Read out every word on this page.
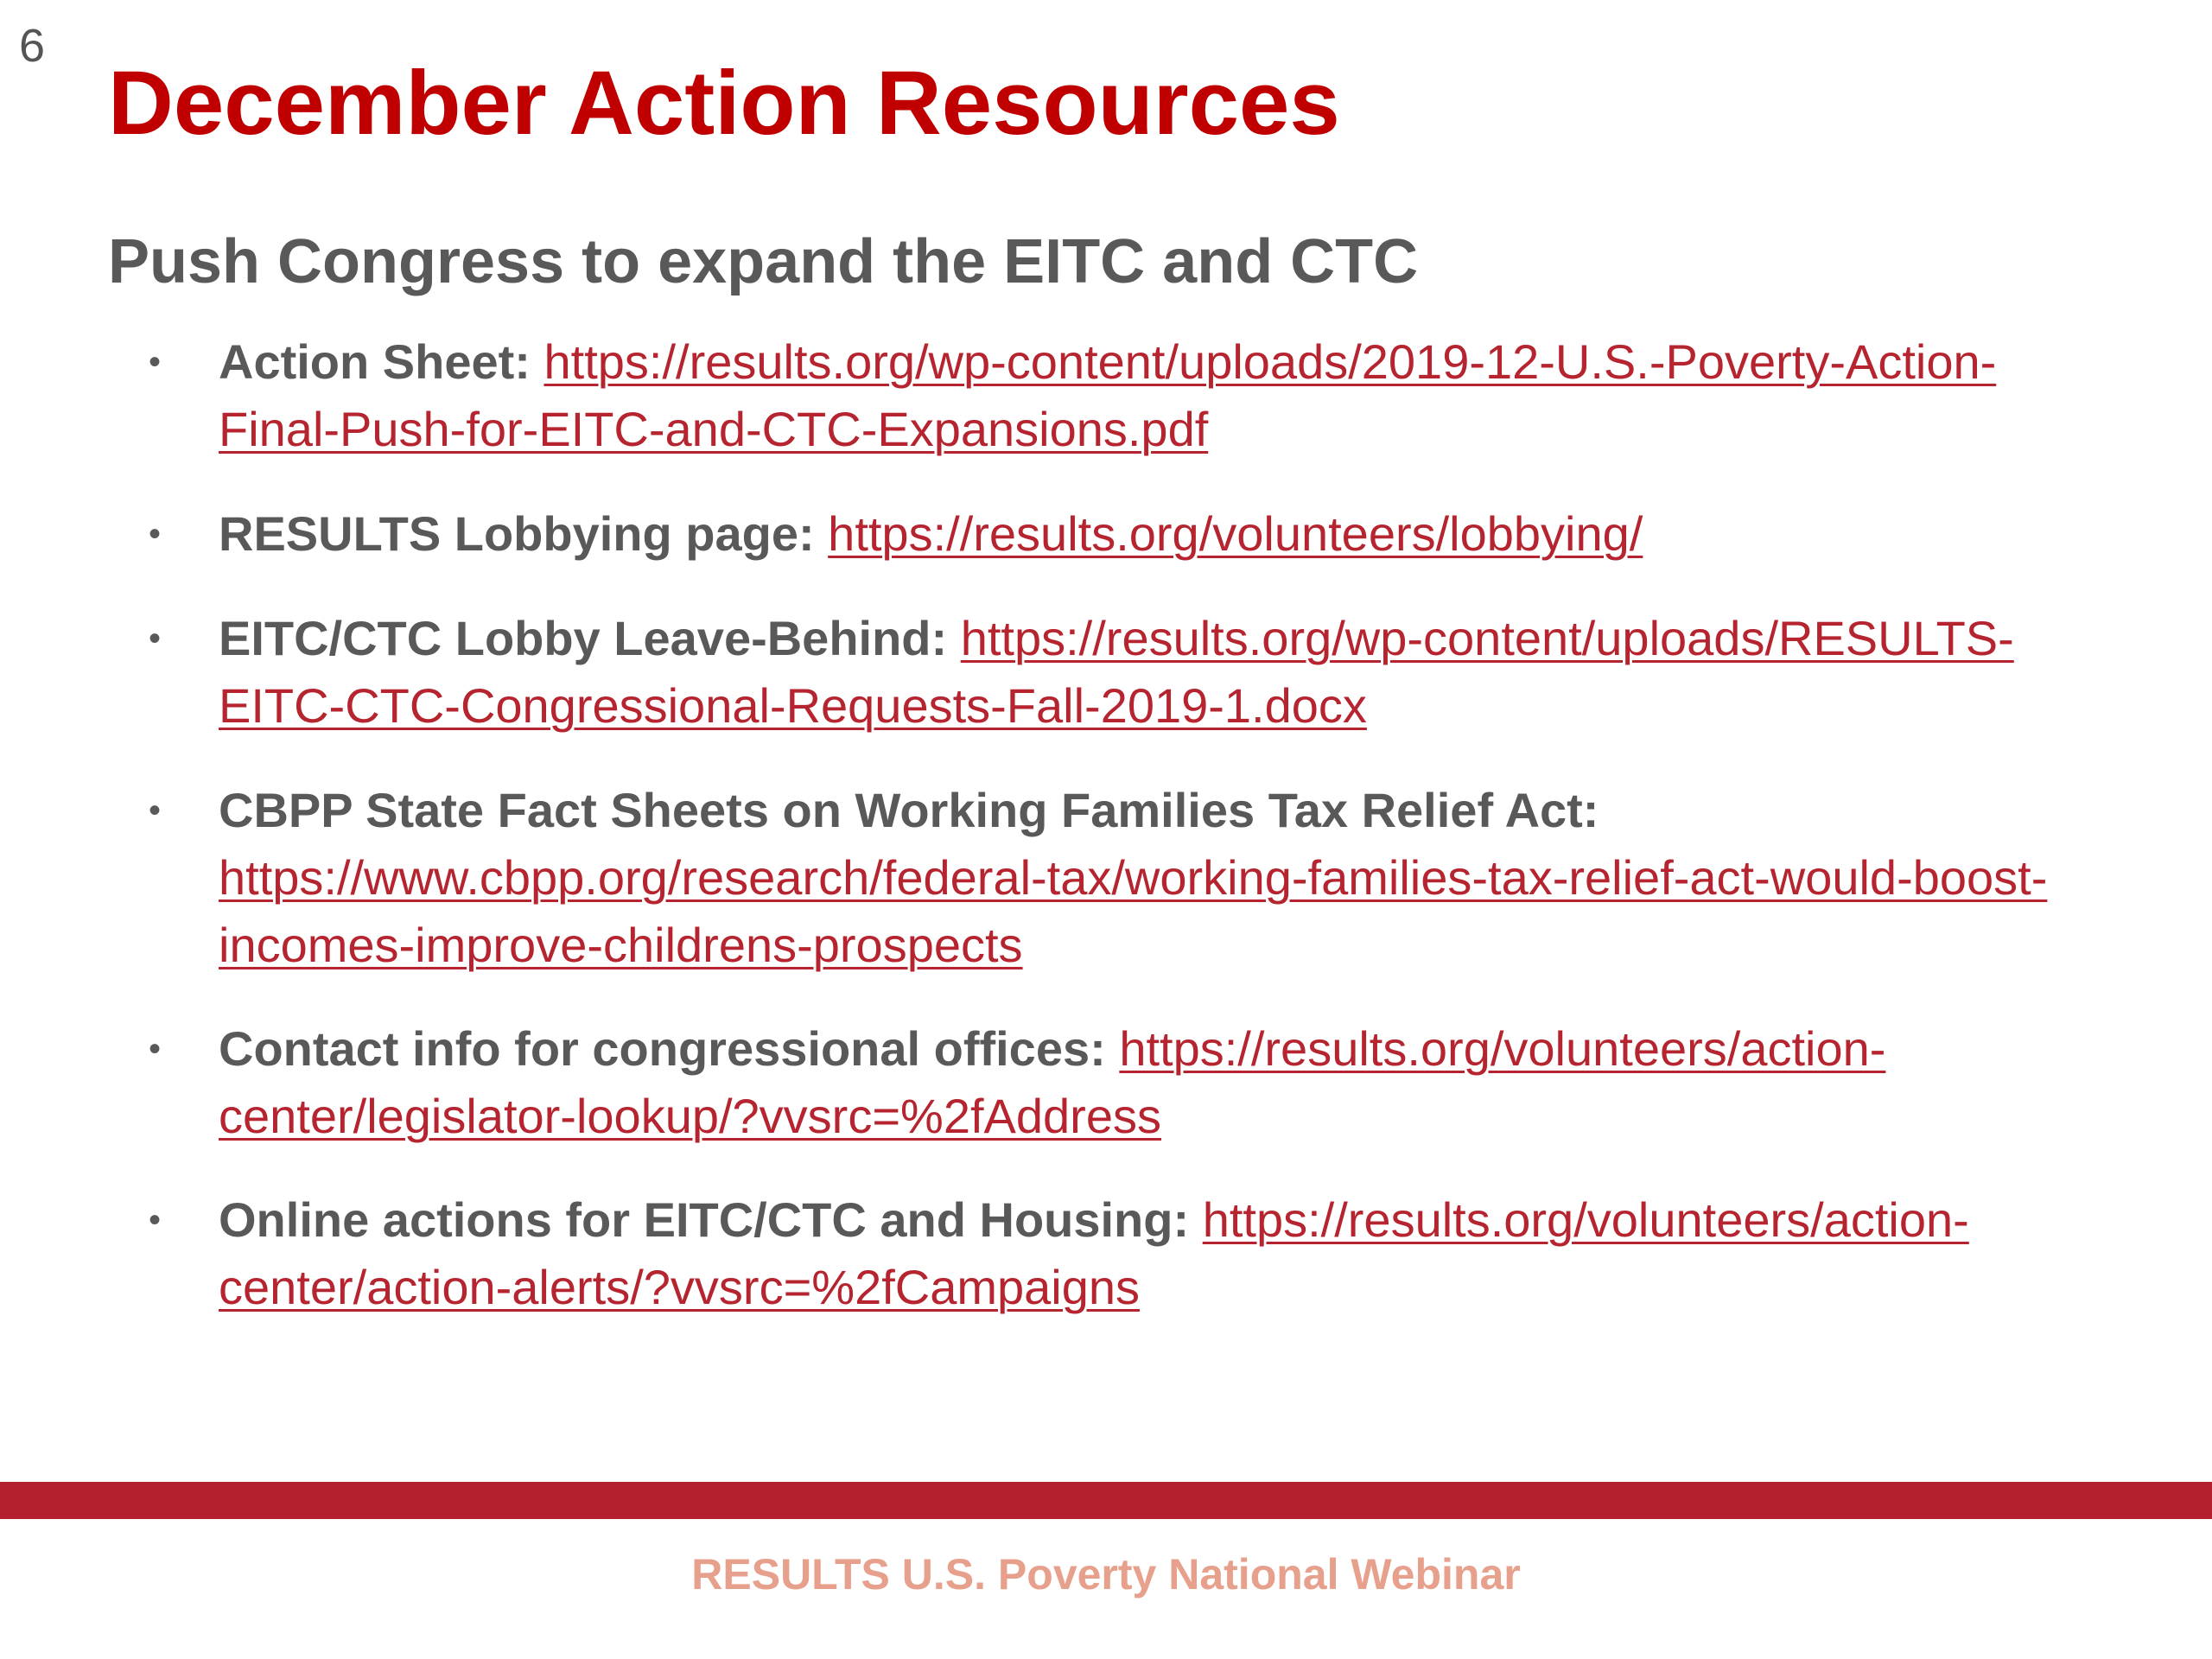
6
December Action Resources
Push Congress to expand the EITC and CTC
• Action Sheet: https://results.org/wp-content/uploads/2019-12-U.S.-Poverty-Action-
Final-Push-for-EITC-and-CTC-Expansions.pdf
• RESULTS Lobbying page: https://results.org/volunteers/lobbying/
• EITC/CTC Lobby Leave-Behind: https://results.org/wp-content/uploads/RESULTS-
EITC-CTC-Congressional-Requests-Fall-2019-1.docx
• CBPP State Fact Sheets on Working Families Tax Relief Act:
https://www.cbpp.org/research/federal-tax/working-families-tax-relief-act-would-boost-
incomes-improve-childrens-prospects
• Contact info for congressional offices: https://results.org/volunteers/action-
center/legislator-lookup/?vvsrc=%2fAddress
• Online actions for EITC/CTC and Housing: https://results.org/volunteers/action-
center/action-alerts/?vvsrc=%2fCampaigns
RESULTS U.S. Poverty National Webinar
